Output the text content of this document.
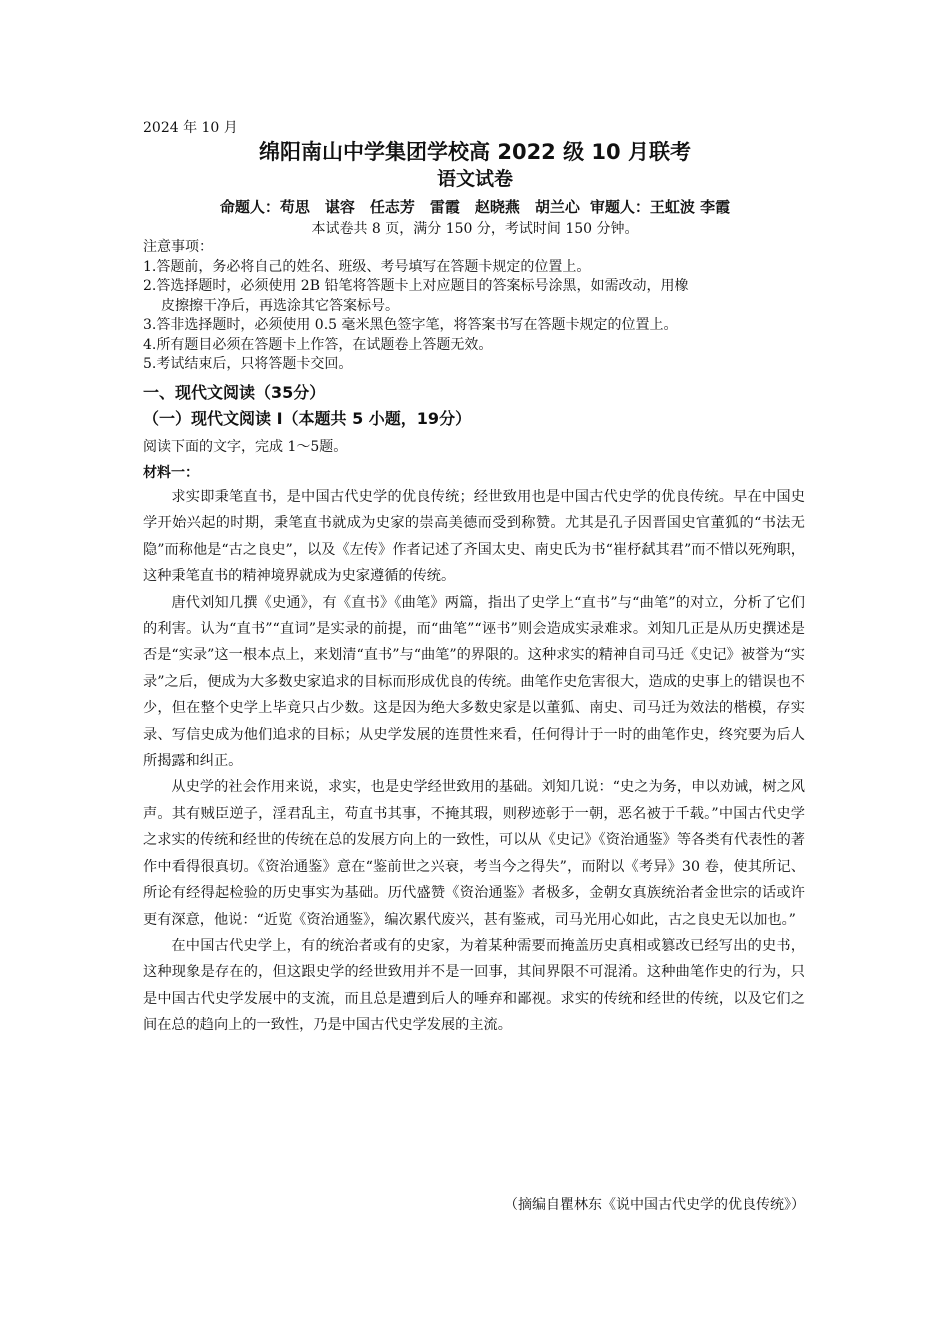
2024 年 10 月
绵阳南山中学集团学校高 2022 级 10 月联考
语文试卷
命题人：苟思　谌容　任志芳　雷霞　赵晓燕　胡兰心 审题人：王虹波 李霞
本试卷共 8 页，满分 150 分，考试时间 150 分钟。
注意事项：
1.答题前，务必将自己的姓名、班级、考号填写在答题卡规定的位置上。
2.答选择题时，必须使用 2B 铅笔将答题卡上对应题目的答案标号涂黑，如需改动，用橡
皮擦擦干净后，再选涂其它答案标号。
3.答非选择题时，必须使用 0.5 毫米黑色签字笔，将答案书写在答题卡规定的位置上。
4.所有题目必须在答题卡上作答，在试题卷上答题无效。
5.考试结束后，只将答题卡交回。
一、现代文阅读（35分）
（一）现代文阅读 I（本题共 5 小题，19分）
阅读下面的文字，完成 1～5题。
材料一：

求实即秉笔直书，是中国古代史学的优良传统；经世致用也是中国古代史学的优良传统。早在中国史学开始兴起的时期，秉笔直书就成为史家的崇高美德而受到称赞。尤其是孔子因晋国史官董狐的“书法无隐”而称他是“古之良史”，以及《左传》作者记述了齐国太史、南史氏为书“崔杼弑其君”而不惜以死殉职，这种秉笔直书的精神境界就成为史家遵循的传统。

唐代刘知几撰《史通》，有《直书》《曲笔》两篇，指出了史学上“直书”与“曲笔”的对立，分析了它们的利害。认为“直书”“直词”是实录的前提，而“曲笔”“诬书”则会造成实录难求。刘知几正是从历史撰述是否是“实录”这一根本点上，来划清“直书”与“曲笔”的界限的。这种求实的精神自司马迁《史记》被誉为“实录”之后，便成为大多数史家追求的目标而形成优良的传统。曲笔作史危害很大，造成的史事上的错误也不少，但在整个史学上毕竟只占少数。这是因为绝大多数史家是以董狐、南史、司马迁为效法的楷模，存实录、写信史成为他们追求的目标；从史学发展的连贯性来看，任何得计于一时的曲笔作史，终究要为后人所揭露和纠正。

从史学的社会作用来说，求实，也是史学经世致用的基础。刘知几说：“史之为务，申以劝诫，树之风声。其有贼臣逆子，淫君乱主，苟直书其事，不掩其瑕，则秽迹彰于一朝，恶名被于千载。”中国古代史学之求实的传统和经世的传统在总的发展方向上的一致性，可以从《史记》《资治通鉴》等各类有代表性的著作中看得很真切。《资治通鉴》意在“鉴前世之兴衰，考当今之得失”，而附以《考异》30 卷，使其所记、所论有经得起检验的历史事实为基础。历代盛赞《资治通鉴》者极多，金朝女真族统治者金世宗的话或许更有深意，他说：“近览《资治通鉴》，编次累代废兴，甚有鉴戒，司马光用心如此，古之良史无以加也。”

在中国古代史学上，有的统治者或有的史家，为着某种需要而掩盖历史真相或篡改已经写出的史书，这种现象是存在的，但这跟史学的经世致用并不是一回事，其间界限不可混淆。这种曲笔作史的行为，只是中国古代史学发展中的支流，而且总是遭到后人的唾弃和鄙视。求实的传统和经世的传统，以及它们之间在总的趋向上的一致性，乃是中国古代史学发展的主流。

（摘编自瞿林东《说中国古代史学的优良传统》）
